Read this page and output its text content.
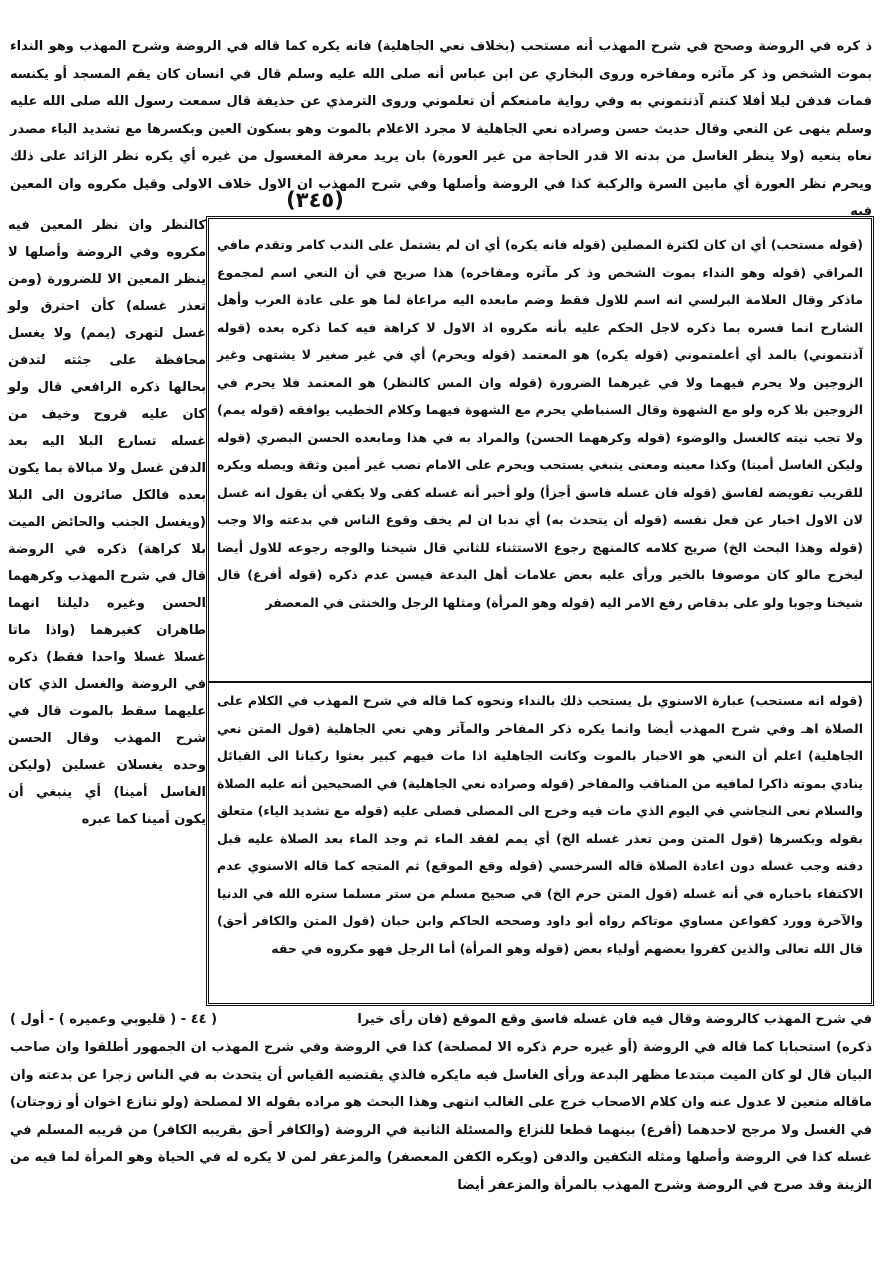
ذ كره في الروضة وصحح في شرح المهذب أنه مستحب (بخلاف نعي الجاهلية) فانه يكره كما قاله في الروضة وشرح المهذب وهو النداء بموت الشخص وذ كر مآثره ومفاخره وروى البخاري عن ابن عباس أنه صلى الله عليه وسلم قال في انسان كان يقم المسجد أو يكنسه فمات فدفن ليلا أفلا كنتم آذنتموني به وفي رواية مامنعكم أن تعلموني وروى الترمذي عن حذيفة قال سمعت رسول الله صلى الله عليه وسلم ينهى عن النعي وقال حديث حسن وصراده نعي الجاهلية لا مجرد الاعلام بالموت وهو بسكون العين وبكسرها مع تشديد الياء مصدر نعاه ينعيه (ولا ينظر الغاسل من بدنه الا قدر الحاجة من غير العورة) بان يريد معرفة المغسول من غيره أي يكره نظر الزائد على ذلك ويحرم نظر العورة أي مابين السرة والركبة كذا في الروضة وأصلها وفي شرح المهذب ان الاول خلاف الاولى وقيل مكروه وان المعين فيه
(٣٤٥)
كالنظر وان نظر المعين فيه مكروه وفي الروضة وأصلها لا ينظر المعين الا للضرورة (ومن تعذر غسله) كأن احترق ولو غسل لتهرى (يمم) ولا يغسل محافظة على جثته لتدفن بحالها ذكره الرافعي قال ولو كان عليه قروح وخيف من غسله تسارع البلا اليه بعد الدفن غسل ولا مبالاة بما يكون بعده فالكل صائرون الى البلا (ويغسل الجنب والحائض الميت بلا كراهة) ذكره في الروضة قال في شرح المهذب وكرههما الحسن وغيره دليلنا انهما طاهران كغيرهما (واذا ماتا غسلا غسلا واحدا فقط) ذكره في الروضة والغسل الذي كان عليهما سقط بالموت قال في شرح المهذب وقال الحسن وحده يغسلان غسلين (وليكن الغاسل أمينا) أي ينبغي أن يكون أمينا كما عبره
(قوله مستحب) أي ان كان لكثرة المصلين (قوله فانه يكره) أي ان لم يشتمل على الندب كامر وتقدم مافي المراقي (قوله وهو النداء بموت الشخص وذ كر مآثره ومفاخره) هذا صريح في أن النعي اسم لمجموع ماذكر وقال العلامة البرلسي انه اسم للاول فقط وضم مابعده اليه مراعاة لما هو على عادة العرب وأهل الشارح انما فسره بما ذكره لاجل الحكم عليه بأنه مكروه اذ الاول لا كراهة فيه كما ذكره بعده (قوله آذنتموني) بالمد أي أعلمتموني (قوله يكره) هو المعتمد (قوله ويحرم) أي في غير صغير لا يشتهى وغير الزوجين ولا يحرم فيهما ولا في غيرهما الضرورة (قوله وان المس كالنظر) هو المعتمد فلا يحرم في الزوجين بلا كره ولو مع الشهوة وقال السنباطي يحرم مع الشهوة فيهما وكلام الخطيب يوافقه (قوله يمم) ولا تجب نيته كالغسل والوضوء (قوله وكرههما الحسن) والمراد به في هذا ومابعده الحسن البصري (قوله وليكن الغاسل أمينا) وكذا معينه ومعنى ينبغي يستحب ويحرم على الامام نصب غير أمين وثقة ويصله ويكره للقريب تفويضه لفاسق (قوله فان غسله فاسق أجزأ) ولو أخبر أنه غسله كفى ولا يكفي أن يقول انه غسل لان الاول اخبار عن فعل نفسه (قوله أن يتحدث به) أي ندبا ان لم يخف وقوع الناس في بدعته والا وجب (قوله وهذا البحث الخ) صريح كلامه كالمنهج رجوع الاستثناء للثاني قال شيخنا والوجه رجوعه للاول أيضا ليخرج مالو كان موصوفا بالخير ورأى عليه بعض علامات أهل البدعة فيسن عدم ذكره (قوله أفرع) قال شيخنا وجوبا ولو على بدقاص رفع الامر اليه (قوله وهو المرأة) ومثلها الرجل والخنثى في المعصفر
(قوله انه مستحب) عبارة الاسنوي بل يستحب ذلك بالنداء ونحوه كما قاله في شرح المهذب في الكلام على الصلاة اهـ وفي شرح المهذب أيضا وانما يكره ذكر المفاخر والمآثر وهي نعي الجاهلية (قول المتن نعي الجاهلية) اعلم أن النعي هو الاخبار بالموت وكانت الجاهلية اذا مات فيهم كبير بعثوا ركبانا الى القبائل ينادي بموته ذاكرا لمافيه من المناقب والمفاخر (قوله وصراده نعي الجاهلية) في الصحيحين أنه عليه الصلاة والسلام نعى النجاشي في اليوم الذي مات فيه وخرج الى المصلى فصلى عليه (قوله مع تشديد الياء) متعلق بقوله وبكسرها (قول المتن ومن تعذر غسله الخ) أي يمم لفقد الماء ثم وجد الماء بعد الصلاة عليه قبل دفنه وجب غسله دون اعادة الصلاة قاله السرخسي (قوله وقع الموقع) ثم المتجه كما قاله الاسنوي عدم الاكتفاء باخباره في أنه غسله (قول المتن حرم الخ) في صحيح مسلم من ستر مسلما ستره الله في الدنيا والآخرة وورد كفواعن مساوي موتاكم رواه أبو داود وصححه الحاكم وابن حبان (قول المتن والكافر أحق) قال الله تعالى والذين كفروا بعضهم أولياء بعض (قوله وهو المرأة) أما الرجل فهو مكروه في حقه
في شرح المهذب كالروضة وقال فيه فان غسله فاسق وقع الموقع (فان رأى خيرا
( ٤٤ - ( قليوبي وعميره ) - أول )
ذكره) استحبابا كما قاله في الروضة (أو غيره حرم ذكره الا لمصلحة) كذا في الروضة وفي شرح المهذب ان الجمهور أطلقوا وان صاحب البيان قال لو كان الميت مبتدعا مظهر البدعة ورأى الغاسل فيه مايكره فالذي يقتضيه القياس أن يتحدث به في الناس زجرا عن بدعته وان ماقاله متعين لا عدول عنه وان كلام الاصحاب خرج على الغالب انتهى وهذا البحث هو مراده بقوله الا لمصلحة (ولو تنازع اخوان أو زوجتان) في الغسل ولا مرجح لاحدهما (أقرع) بينهما قطعا للنزاع والمسئلة الثانية في الروضة (والكافر أحق بقريبه الكافر) من قريبه المسلم في غسله كذا في الروضة وأصلها ومثله التكفين والدفن (ويكره الكفن المعصفر) والمزعفر لمن لا يكره له في الحياة وهو المرأة لما فيه من الزينة وقد صرح في الروضة وشرح المهذب بالمرأة والمزعفر أيضا
